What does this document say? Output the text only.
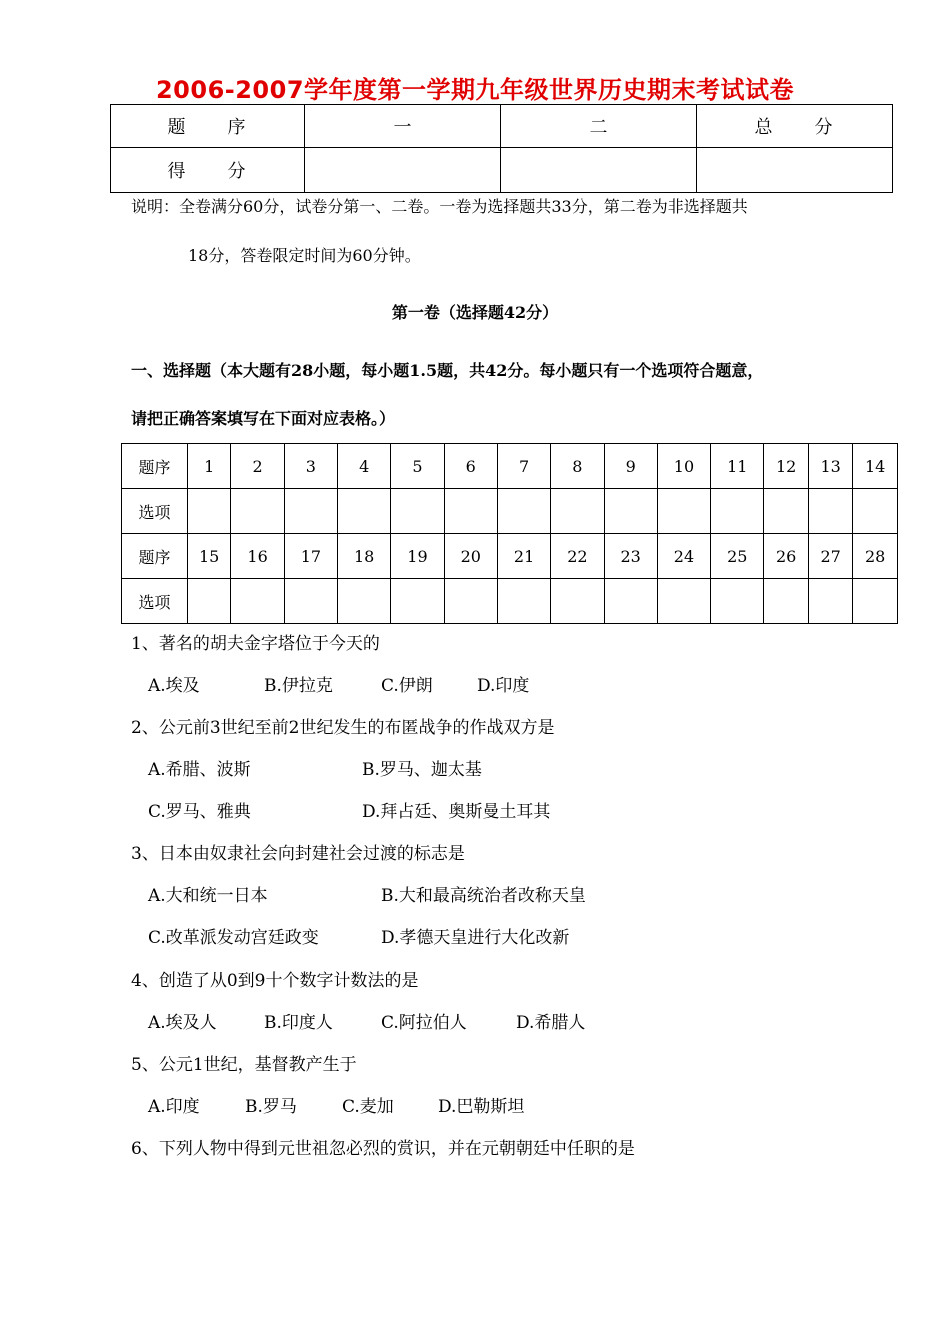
2006-2007学年度第一学期九年级世界历史期末考试试卷
题　　序	一	二	总　　分
得　　分			
说明：全卷满分60分，试卷分第一、二卷。一卷为选择题共33分，第二卷为非选择题共
18分，答卷限定时间为60分钟。
第一卷（选择题42分）
一、选择题（本大题有28小题，每小题1.5题，共42分。每小题只有一个选项符合题意，
请把正确答案填写在下面对应表格。）
题序	1	2	3	4	5	6	7	8	9	10	11	12	13	14
选项														
题序	15	16	17	18	19	20	21	22	23	24	25	26	27	28
选项														
1、著名的胡夫金字塔位于今天的
A.埃及	B.伊拉克	C.伊朗	D.印度
2、公元前3世纪至前2世纪发生的布匿战争的作战双方是
A.希腊、波斯	B.罗马、迦太基
C.罗马、雅典	D.拜占廷、奥斯曼土耳其
3、日本由奴隶社会向封建社会过渡的标志是
A.大和统一日本	B.大和最高统治者改称天皇
C.改革派发动宫廷政变	D.孝德天皇进行大化改新
4、创造了从0到9十个数字计数法的是
A.埃及人	B.印度人	C.阿拉伯人	D.希腊人
5、公元1世纪，基督教产生于
A.印度	B.罗马	C.麦加	D.巴勒斯坦
6、下列人物中得到元世祖忽必烈的赏识，并在元朝朝廷中任职的是
